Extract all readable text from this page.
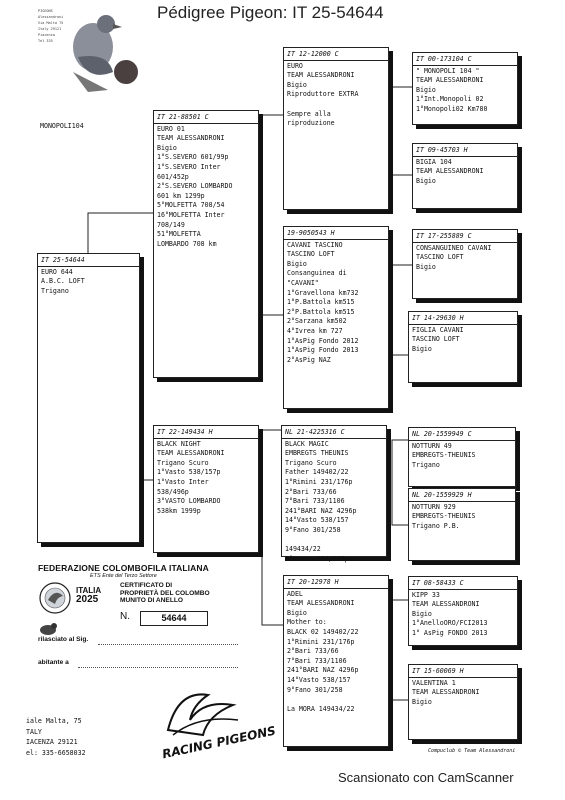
Pédigree Pigeon: IT 25-54644
PIGEONS
Alessandroni
Via Malta 75
Italy 29121
Piacenza
Tel 335
MONOPOLI104
IT 25-54644
EURO 644
A.B.C. LOFT
Trigano
IT 21-88501 C
EURO 01
TEAM ALESSANDRONI
Bigio
1°S.SEVERO 601/99p
1°S.SEVERO Inter
601/452p
2°S.SEVERO LOMBARDO
601 km 1299p
5°MOLFETTA 708/54
16°MOLFETTA Inter
708/149
51°MOLFETTA
LOMBARDO 708 km
IT 22-149434 H
BLACK NIGHT
TEAM ALESSANDRONI
Trigano Scuro
1°Vasto 538/157p
1°Vasto Inter
538/496p
3°VASTO LOMBARDO
538km 1999p
IT 12-12000 C
EURO
TEAM ALESSANDRONI
Bigio
Riproduttore EXTRA

Sempre alla
riproduzione
19-9050543 H
CAVANI TASCINO
TASCINO LOFT
Bigio
Consanguinea di
"CAVANI"
1°Gravellona km732
1°P.Battola km515
2°P.Battola km515
2°Sarzana km502
4°Ivrea km 727
1°AsPig Fondo 2012
1°AsPig Fondo 2013
2°AsPig NAZ
NL 21-4225316 C
BLACK MAGIC
EMBREGTS THEUNIS
Trigano Scuro
Father 149402/22
1°Rimini 231/176p
2°Bari 733/66
7°Bari 733/1106
241°BARI NAZ 4296p
14°Vasto 538/157
9°Fano 301/258

149434/22
1°Vasto 538/157p
IT 20-12978 H
ADEL
TEAM ALESSANDRONI
Bigio
Mother to:
BLACK 02 149402/22
1°Rimini 231/176p
2°Bari 733/66
7°Bari 733/1106
241°BARI NAZ 4296p
14°Vasto 538/157
9°Fano 301/258

La MORA 149434/22
IT 00-173104 C
" MONOPOLI 104 "
TEAM ALESSANDRONI
Bigio
1°Int.Monopoli 02
1°Monopoli02 Km780
IT 09-45703 H
BIGIA 104
TEAM ALESSANDRONI
Bigio
IT 17-255889 C
CONSANGUINEO CAVANI
TASCINO LOFT
Bigio
IT 14-29630 H
FIGLIA CAVANI
TASCINO LOFT
Bigio
NL 20-1559949 C
NOTTURN 49
EMBREGTS-THEUNIS
Trigano
NL 20-1559929 H
NOTTURN 929
EMBREGTS-THEUNIS
Trigano P.B.
IT 08-58433 C
KIPP 33
TEAM ALESSANDRONI
Bigio
1°AnelloORO/FCI2013
1° AsPig FONDO 2013
IT 15-60069 H
VALENTINA 1
TEAM ALESSANDRONI
Bigio
FEDERAZIONE COLOMBOFILA ITALIANA
ETS Ente del Terzo Settore
ITALIA
2025
CERTIFICATO DI
PROPRIETÀ DEL COLOMBO
MUNITO DI ANELLO
N.	54644
rilasciato al Sig.
abitante a
iale Malta, 75
TALY
IACENZA 29121
el: 335-6658032	RACING PIGEONS	Compuclub © Team Alessandroni
Scansionato con CamScanner
